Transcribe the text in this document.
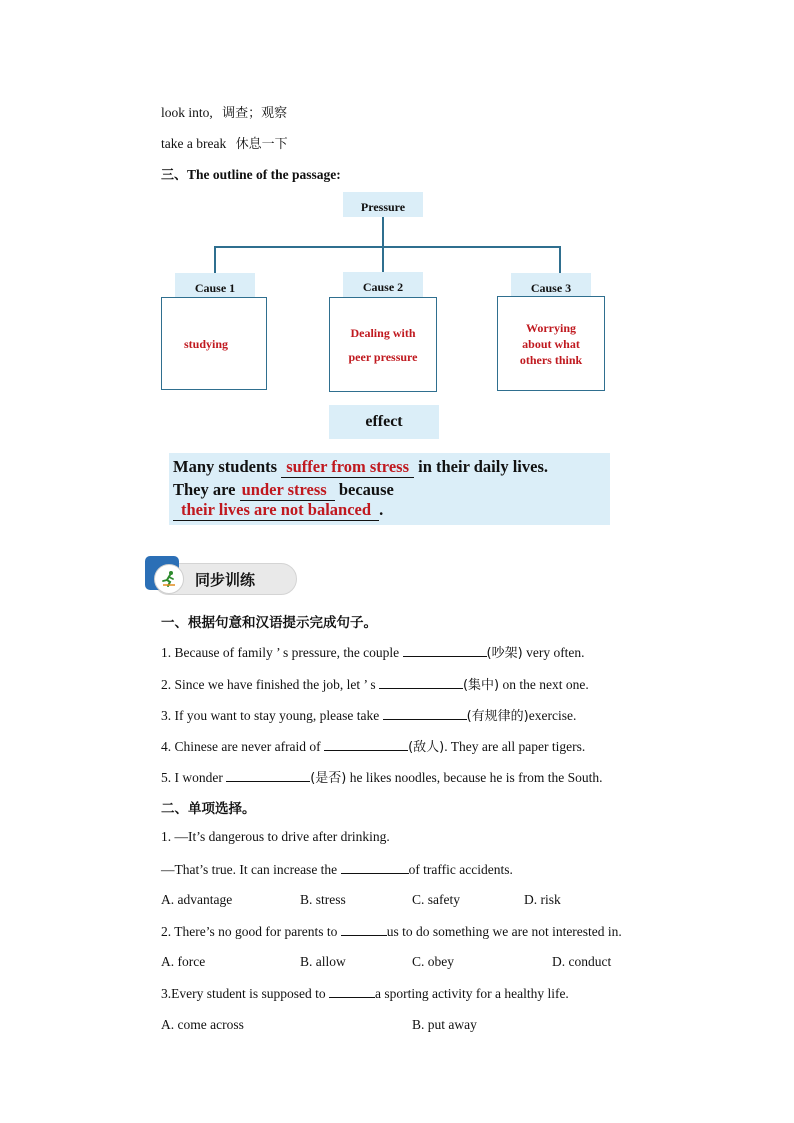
look into, 调查；观察
take a break 休息一下
三、The outline of the passage:
Pressure
Cause 1	Cause 2	Cause 3
studying
Dealing with
peer pressure
Worrying
about what
others think
effect
Many students suffer from stress in their daily lives.
They are under stress because
their lives are not balanced .
同步训练
一、根据句意和汉语提示完成句子。
1. Because of family ’ s pressure, the couple	(吵架) very often.
2. Since we have finished the job, let ’ s	(集中) on the next one.
3. If you want to stay young, please take	(有规律的)exercise.
4. Chinese are never afraid of	(敌人). They are all paper tigers.
5. I wonder	(是否) he likes noodles, because he is from the South.
二、单项选择。
1. —It’s dangerous to drive after drinking.
—That’s true. It can increase the	of traffic accidents.
A. advantage	B. stress	C. safety	D. risk
2. There’s no good for parents to	us to do something we are not interested in.
A. force	B. allow	C. obey	D. conduct
3.Every student is supposed to	a sporting activity for a healthy life.
A. come across	B. put away
